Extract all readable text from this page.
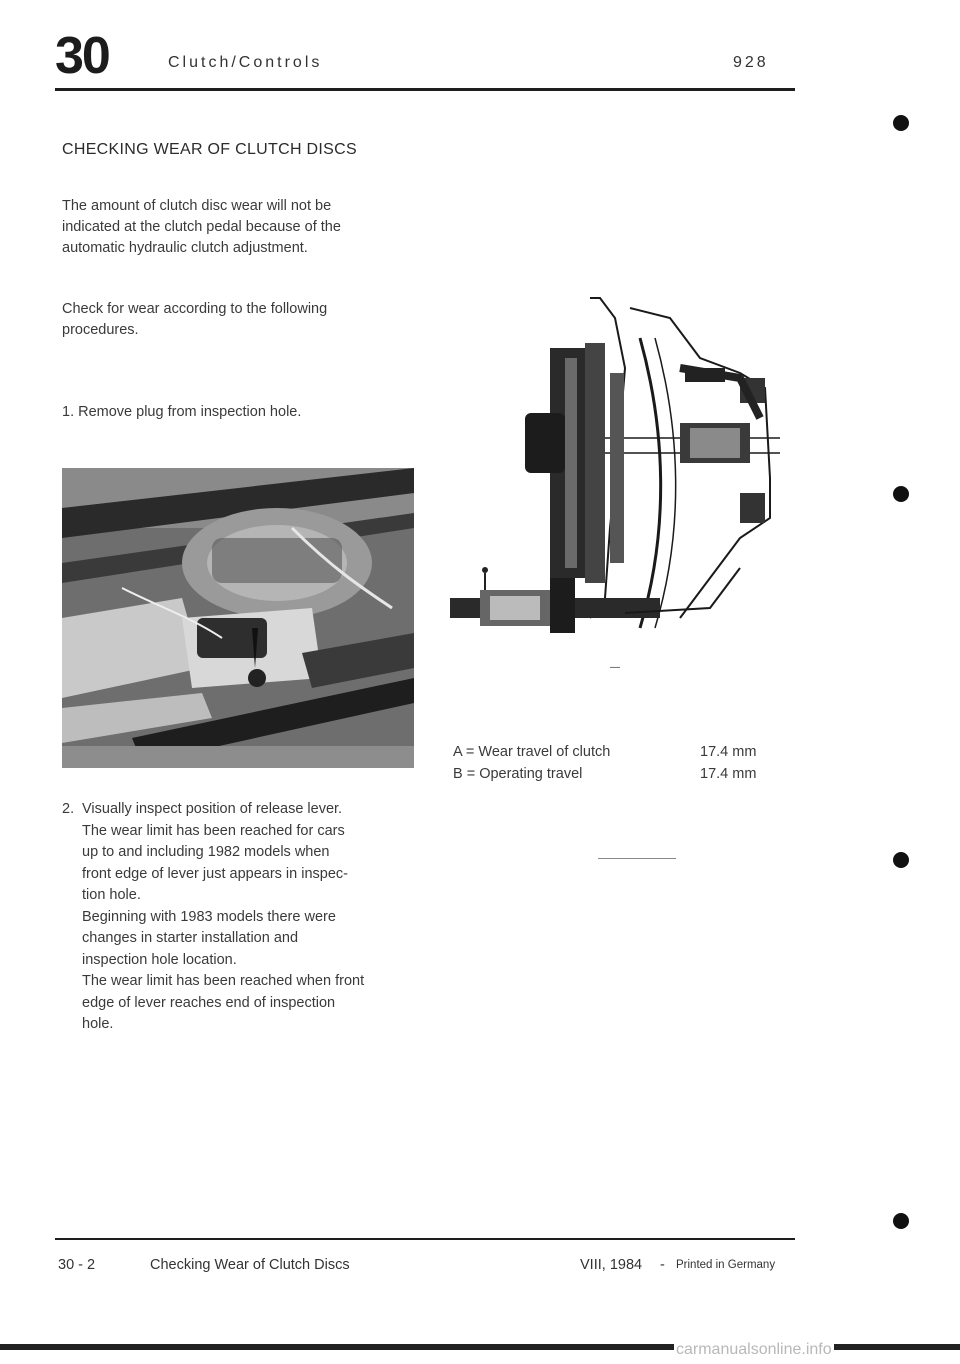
30	Clutch/Controls	928
CHECKING WEAR OF CLUTCH DISCS
The amount of clutch disc wear will not be
indicated at the clutch pedal because of the
automatic hydraulic clutch adjustment.
Check for wear according to the following
procedures.
1. Remove plug from inspection hole.
—
A = Wear travel of clutch	17.4 mm
B = Operating travel	17.4 mm
2. Visually inspect position of release lever.
The wear limit has been reached for cars
up to and including 1982 models when
front edge of lever just appears in inspec-
tion hole.
Beginning with 1983 models there were
changes in starter installation and
inspection hole location.
The wear limit has been reached when front
edge of lever reaches end of inspection
hole.
30 - 2	Checking Wear of Clutch Discs	VIII, 1984 - Printed in Germany
carmanualsonline.info
